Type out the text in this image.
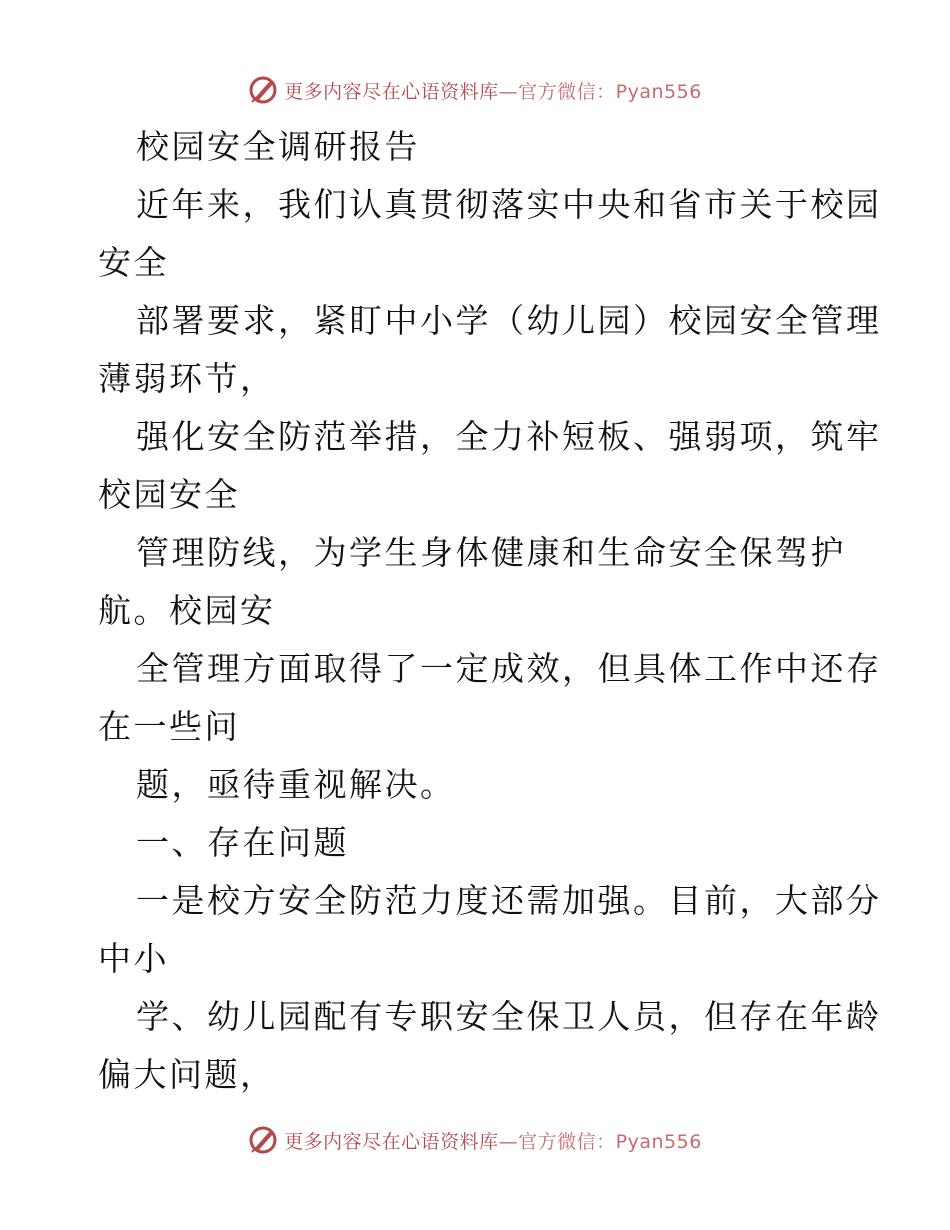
更多内容尽在心语资料库—官方微信：Pyan556
校园安全调研报告
近年来，我们认真贯彻落实中央和省市关于校园
安全
部署要求，紧盯中小学（幼儿园）校园安全管理
薄弱环节，
强化安全防范举措，全力补短板、强弱项，筑牢
校园安全
管理防线，为学生身体健康和生命安全保驾护
航。校园安
全管理方面取得了一定成效，但具体工作中还存
在一些问
题，亟待重视解决。
一、存在问题
一是校方安全防范力度还需加强。目前，大部分
中小
学、幼儿园配有专职安全保卫人员，但存在年龄
偏大问题，
更多内容尽在心语资料库—官方微信：Pyan556
